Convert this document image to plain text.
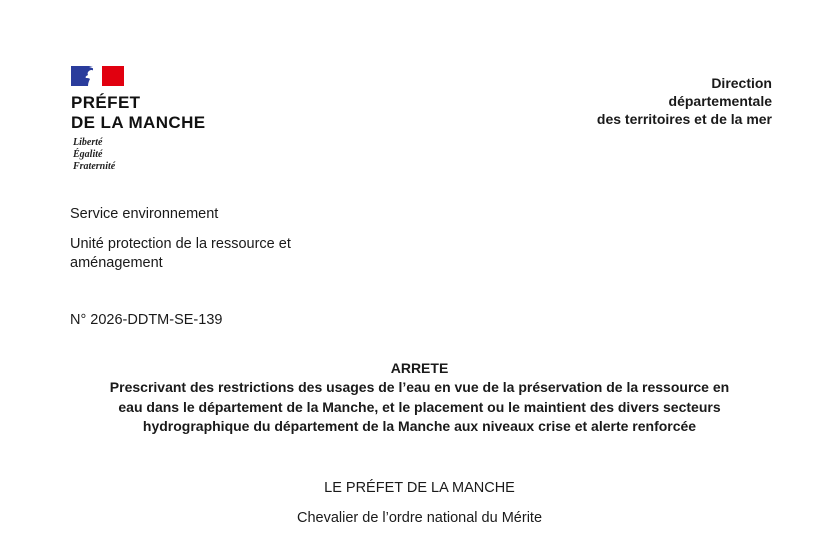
PRÉFET
DE LA MANCHE
Liberté
Égalité
Fraternité
Direction
départementale
des territoires et de la mer
Service environnement
Unité protection de la ressource et
aménagement
N° 2026-DDTM-SE-139
ARRETE
Prescrivant des restrictions des usages de l’eau en vue de la préservation de la ressource en
eau dans le département de la Manche, et le placement ou le maintient des divers secteurs
hydrographique du département de la Manche aux niveaux crise et alerte renforcée
LE PRÉFET DE LA MANCHE
Chevalier de l’ordre national du Mérite
